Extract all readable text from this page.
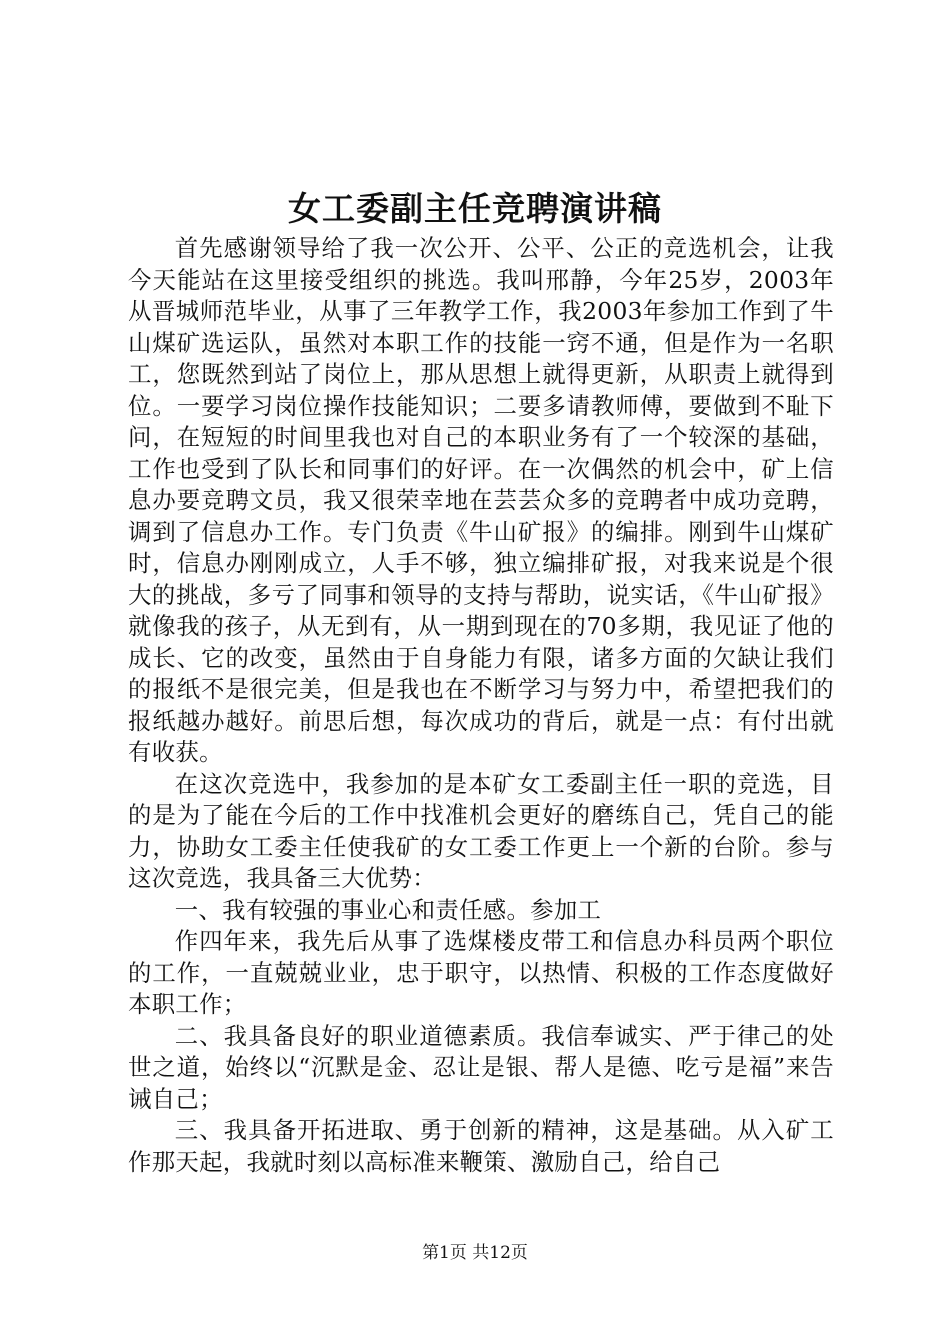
女工委副主任竞聘演讲稿

首先感谢领导给了我一次公开、公平、公正的竞选机会，让我今天能站在这里接受组织的挑选。我叫邢静，今年25岁，2003年从晋城师范毕业，从事了三年教学工作，我2003年参加工作到了牛山煤矿选运队，虽然对本职工作的技能一窍不通，但是作为一名职工，您既然到站了岗位上，那从思想上就得更新，从职责上就得到位。一要学习岗位操作技能知识；二要多请教师傅，要做到不耻下问，在短短的时间里我也对自己的本职业务有了一个较深的基础，工作也受到了队长和同事们的好评。在一次偶然的机会中，矿上信息办要竞聘文员，我又很荣幸地在芸芸众多的竞聘者中成功竞聘，调到了信息办工作。专门负责《牛山矿报》的编排。刚到牛山煤矿时，信息办刚刚成立，人手不够，独立编排矿报，对我来说是个很大的挑战，多亏了同事和领导的支持与帮助，说实话，《牛山矿报》就像我的孩子，从无到有，从一期到现在的70多期，我见证了他的成长、它的改变，虽然由于自身能力有限，诸多方面的欠缺让我们的报纸不是很完美，但是我也在不断学习与努力中，希望把我们的报纸越办越好。前思后想，每次成功的背后，就是一点：有付出就有收获。

在这次竞选中，我参加的是本矿女工委副主任一职的竞选，目的是为了能在今后的工作中找准机会更好的磨练自己，凭自己的能力，协助女工委主任使我矿的女工委工作更上一个新的台阶。参与这次竞选，我具备三大优势：

一、我有较强的事业心和责任感。参加工

作四年来，我先后从事了选煤楼皮带工和信息办科员两个职位的工作，一直兢兢业业，忠于职守，以热情、积极的工作态度做好本职工作；

二、我具备良好的职业道德素质。我信奉诚实、严于律己的处世之道，始终以“沉默是金、忍让是银、帮人是德、吃亏是福”来告诫自己；

三、我具备开拓进取、勇于创新的精神，这是基础。从入矿工作那天起，我就时刻以高标准来鞭策、激励自己，给自己

第1页 共12页
